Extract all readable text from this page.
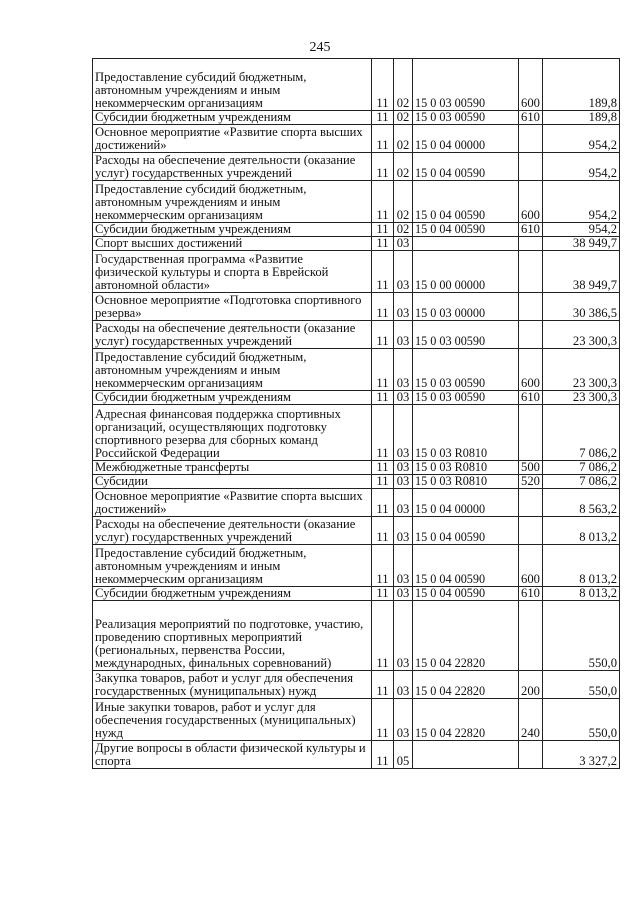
245
Предоставление субсидий бюджетным, автономным учреждениям и иным некоммерческим организациям	11	02	15 0 03 00590	600	189,8
Субсидии бюджетным учреждениям	11	02	15 0 03 00590	610	189,8
Основное мероприятие «Развитие спорта высших достижений»	11	02	15 0 04 00000		954,2
Расходы на обеспечение деятельности (оказание услуг) государственных учреждений	11	02	15 0 04 00590		954,2
Предоставление субсидий бюджетным, автономным учреждениям и иным некоммерческим организациям	11	02	15 0 04 00590	600	954,2
Субсидии бюджетным учреждениям	11	02	15 0 04 00590	610	954,2
Спорт высших достижений	11	03			38 949,7
Государственная программа «Развитие физической культуры и спорта в Еврейской автономной области»	11	03	15 0 00 00000		38 949,7
Основное мероприятие «Подготовка спортивного резерва»	11	03	15 0 03 00000		30 386,5
Расходы на обеспечение деятельности (оказание услуг) государственных учреждений	11	03	15 0 03 00590		23 300,3
Предоставление субсидий бюджетным, автономным учреждениям и иным некоммерческим организациям	11	03	15 0 03 00590	600	23 300,3
Субсидии бюджетным учреждениям	11	03	15 0 03 00590	610	23 300,3
Адресная финансовая поддержка спортивных организаций, осуществляющих подготовку спортивного резерва для сборных команд Российской Федерации	11	03	15 0 03 R0810		7 086,2
Межбюджетные трансферты	11	03	15 0 03 R0810	500	7 086,2
Субсидии	11	03	15 0 03 R0810	520	7 086,2
Основное мероприятие «Развитие спорта высших достижений»	11	03	15 0 04 00000		8 563,2
Расходы на обеспечение деятельности (оказание услуг) государственных учреждений	11	03	15 0 04 00590		8 013,2
Предоставление субсидий бюджетным, автономным учреждениям и иным некоммерческим организациям	11	03	15 0 04 00590	600	8 013,2
Субсидии бюджетным учреждениям	11	03	15 0 04 00590	610	8 013,2
Реализация мероприятий по подготовке, участию, проведению спортивных мероприятий (региональных, первенства России, международных, финальных соревнований)	11	03	15 0 04 22820		550,0
Закупка товаров, работ и услуг для обеспечения государственных (муниципальных) нужд	11	03	15 0 04 22820	200	550,0
Иные закупки товаров, работ и услуг для обеспечения государственных (муниципальных) нужд	11	03	15 0 04 22820	240	550,0
Другие вопросы в области физической культуры и спорта	11	05			3 327,2
